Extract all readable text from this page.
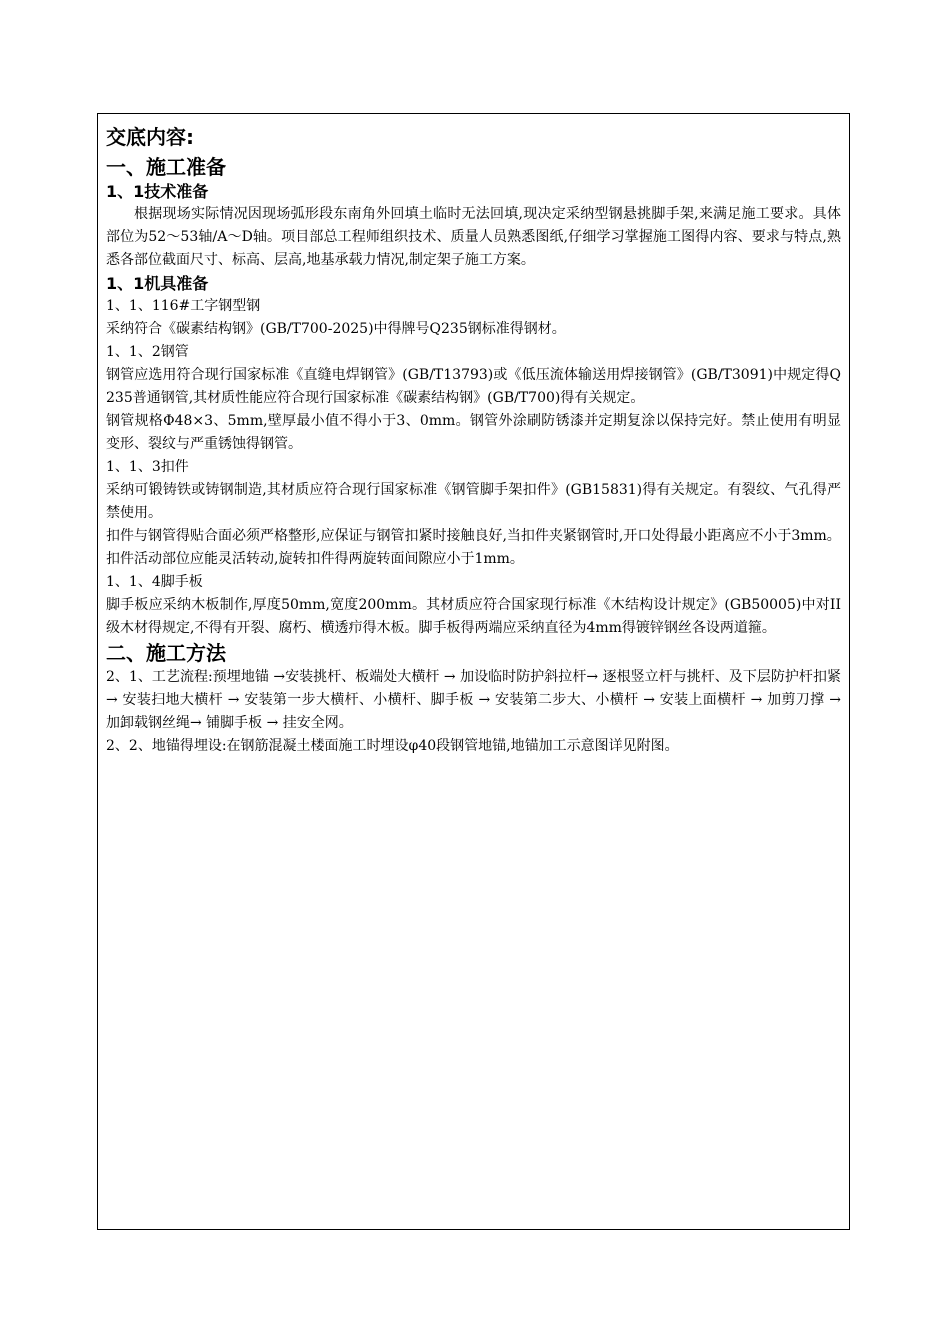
交底内容:
一、施工准备
1、1技术准备

根据现场实际情况因现场弧形段东南角外回填土临时无法回填,现决定采纳型钢悬挑脚手架,来满足施工要求。具体部位为52～53轴/A～D轴。项目部总工程师组织技术、质量人员熟悉图纸,仔细学习掌握施工图得内容、要求与特点,熟悉各部位截面尺寸、标高、层高,地基承载力情况,制定架子施工方案。

1、1机具准备

1、1、116#工字钢型钢

采纳符合《碳素结构钢》(GB/T700-2025)中得牌号Q235钢标准得钢材。

1、1、2钢管

钢管应选用符合现行国家标准《直缝电焊钢管》(GB/T13793)或《低压流体输送用焊接钢管》(GB/T3091)中规定得Q235普通钢管,其材质性能应符合现行国家标准《碳素结构钢》(GB/T700)得有关规定。

钢管规格Φ48×3、5mm,壁厚最小值不得小于3、0mm。钢管外涂刷防锈漆并定期复涂以保持完好。禁止使用有明显变形、裂纹与严重锈蚀得钢管。

1、1、3扣件

采纳可锻铸铁或铸钢制造,其材质应符合现行国家标准《钢管脚手架扣件》(GB15831)得有关规定。有裂纹、气孔得严禁使用。

扣件与钢管得贴合面必须严格整形,应保证与钢管扣紧时接触良好,当扣件夹紧钢管时,开口处得最小距离应不小于3mm。

扣件活动部位应能灵活转动,旋转扣件得两旋转面间隙应小于1mm。

1、1、4脚手板

脚手板应采纳木板制作,厚度50mm,宽度200mm。其材质应符合国家现行标准《木结构设计规定》(GB50005)中对II级木材得规定,不得有开裂、腐朽、横透疖得木板。脚手板得两端应采纳直径为4mm得镀锌钢丝各设两道箍。

二、施工方法

2、1、工艺流程:预埋地锚 →安装挑杆、板端处大横杆 → 加设临时防护斜拉杆→ 逐根竖立杆与挑杆、及下层防护杆扣紧 → 安装扫地大横杆 → 安装第一步大横杆、小横杆、脚手板 → 安装第二步大、小横杆 → 安装上面横杆 → 加剪刀撑 → 加卸载钢丝绳→ 铺脚手板 → 挂安全网。

2、2、地锚得埋设:在钢筋混凝土楼面施工时埋设φ40段钢管地锚,地锚加工示意图详见附图。
